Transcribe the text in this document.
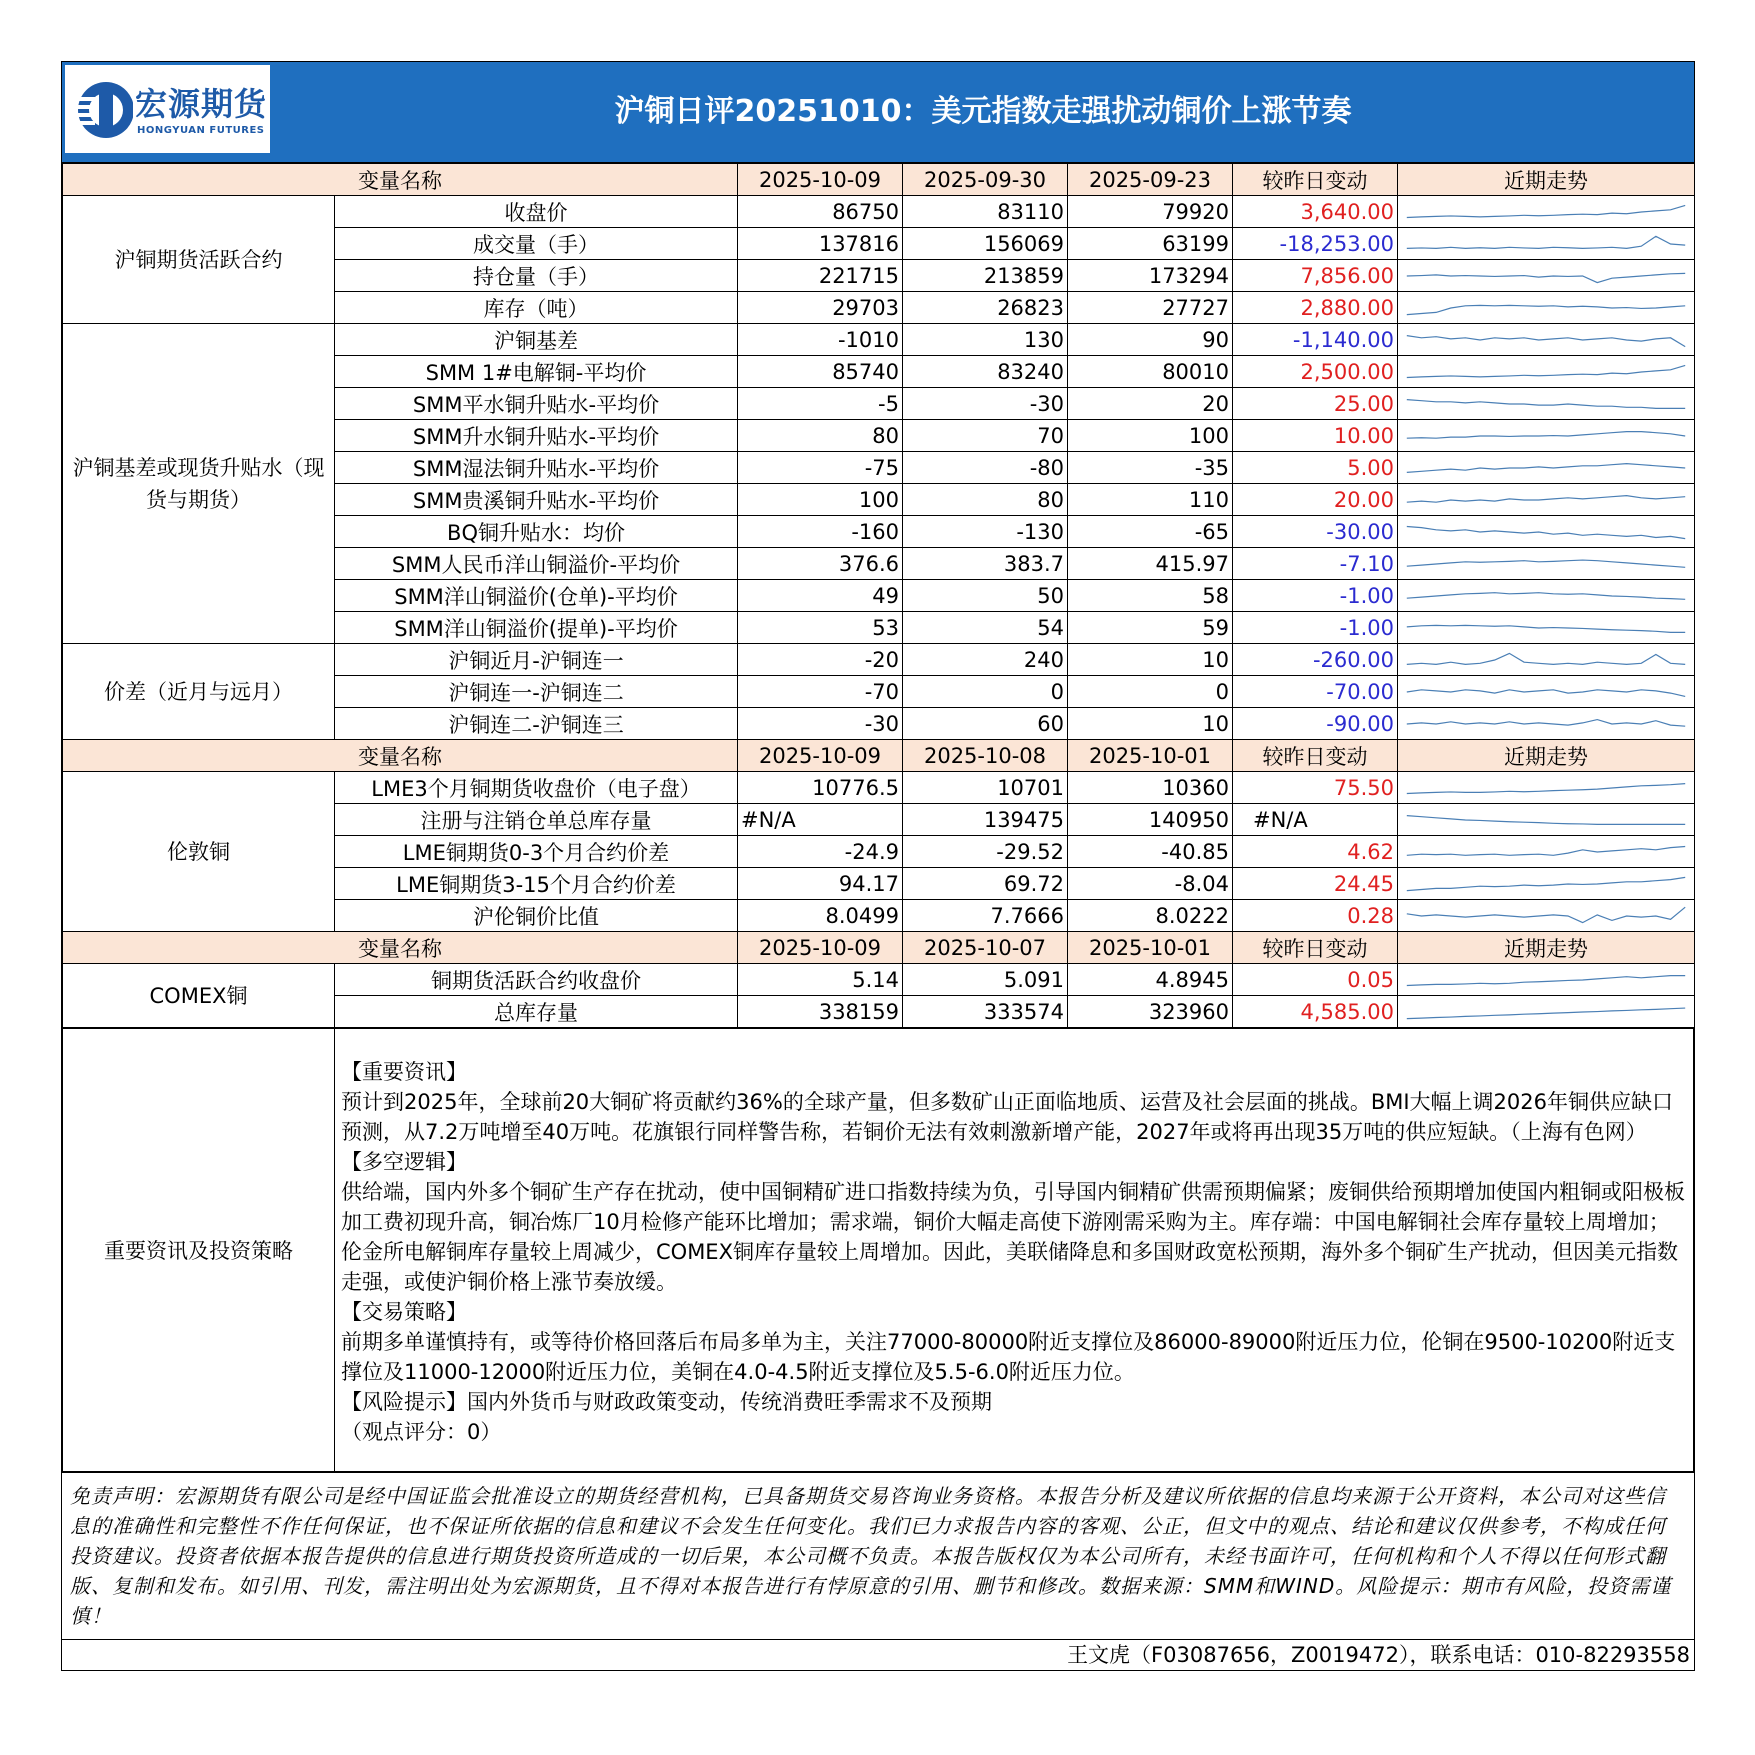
宏源期货
HONGYUAN FUTURES
沪铜日评20251010：美元指数走强扰动铜价上涨节奏
变量名称		2025-10-09	2025-09-30	2025-09-23	较昨日变动	近期走势
沪铜期货活跃合约	收盘价	86750	83110	79920	3,640.00	

	成交量（手）	137816	156069	63199	-18,253.00	

	持仓量（手）	221715	213859	173294	7,856.00	

	库存（吨）	29703	26823	27727	2,880.00	

沪铜基差或现货升贴水（现货与期货）	沪铜基差	-1010	130	90	-1,140.00	

	SMM 1#电解铜-平均价	85740	83240	80010	2,500.00	

	SMM平水铜升贴水-平均价	-5	-30	20	25.00	

	SMM升水铜升贴水-平均价	80	70	100	10.00	

	SMM湿法铜升贴水-平均价	-75	-80	-35	5.00	

	SMM贵溪铜升贴水-平均价	100	80	110	20.00	

	BQ铜升贴水：均价	-160	-130	-65	-30.00	

	SMM人民币洋山铜溢价-平均价	376.6	383.7	415.97	-7.10	

	SMM洋山铜溢价(仓单)-平均价	49	50	58	-1.00	

	SMM洋山铜溢价(提单)-平均价	53	54	59	-1.00	

价差（近月与远月）	沪铜近月-沪铜连一	-20	240	10	-260.00	

	沪铜连一-沪铜连二	-70	0	0	-70.00	

	沪铜连二-沪铜连三	-30	60	10	-90.00	

变量名称		2025-10-09	2025-10-08	2025-10-01	较昨日变动	近期走势
伦敦铜	LME3个月铜期货收盘价（电子盘）	10776.5	10701	10360	75.50	

	注册与注销仓单总库存量	#N/A	139475	140950	#N/A	

	LME铜期货0-3个月合约价差	-24.9	-29.52	-40.85	4.62	

	LME铜期货3-15个月合约价差	94.17	69.72	-8.04	24.45	

	沪伦铜价比值	8.0499	7.7666	8.0222	0.28	

变量名称		2025-10-09	2025-10-07	2025-10-01	较昨日变动	近期走势
COMEX铜	铜期货活跃合约收盘价	5.14	5.091	4.8945	0.05	

	总库存量	338159	333574	323960	4,585.00	
重要资讯及投资策略	

【重要资讯】

预计到2025年，全球前20大铜矿将贡献约36%的全球产量，但多数矿山正面临地质、运营及社会层面的挑战。BMI大幅上调2026年铜供应缺口预测，从7.2万吨增至40万吨。花旗银行同样警告称，若铜价无法有效刺激新增产能，2027年或将再出现35万吨的供应短缺。（上海有色网）

【多空逻辑】

供给端，国内外多个铜矿生产存在扰动，使中国铜精矿进口指数持续为负，引导国内铜精矿供需预期偏紧；废铜供给预期增加使国内粗铜或阳极板加工费初现升高，铜冶炼厂10月检修产能环比增加；需求端，铜价大幅走高使下游刚需采购为主。库存端：中国电解铜社会库存量较上周增加；伦金所电解铜库存量较上周减少，COMEX铜库存量较上周增加。因此，美联储降息和多国财政宽松预期，海外多个铜矿生产扰动，但因美元指数走强，或使沪铜价格上涨节奏放缓。

【交易策略】

前期多单谨慎持有，或等待价格回落后布局多单为主，关注77000-80000附近支撑位及86000-89000附近压力位，伦铜在9500-10200附近支撑位及11000-12000附近压力位，美铜在4.0-4.5附近支撑位及5.5-6.0附近压力位。

【风险提示】国内外货币与财政政策变动，传统消费旺季需求不及预期

（观点评分：0）

免责声明：宏源期货有限公司是经中国证监会批准设立的期货经营机构，已具备期货交易咨询业务资格。本报告分析及建议所依据的信息均来源于公开资料，本公司对这些信息的准确性和完整性不作任何保证，也不保证所依据的信息和建议不会发生任何变化。我们已力求报告内容的客观、公正，但文中的观点、结论和建议仅供参考，不构成任何投资建议。投资者依据本报告提供的信息进行期货投资所造成的一切后果，本公司概不负责。本报告版权仅为本公司所有，未经书面许可，任何机构和个人不得以任何形式翻版、复制和发布。如引用、刊发，需注明出处为宏源期货，且不得对本报告进行有悖原意的引用、删节和修改。数据来源：SMM和WIND。风险提示：期市有风险，投资需谨慎！
王文虎（F03087656，Z0019472），联系电话：010-82293558
